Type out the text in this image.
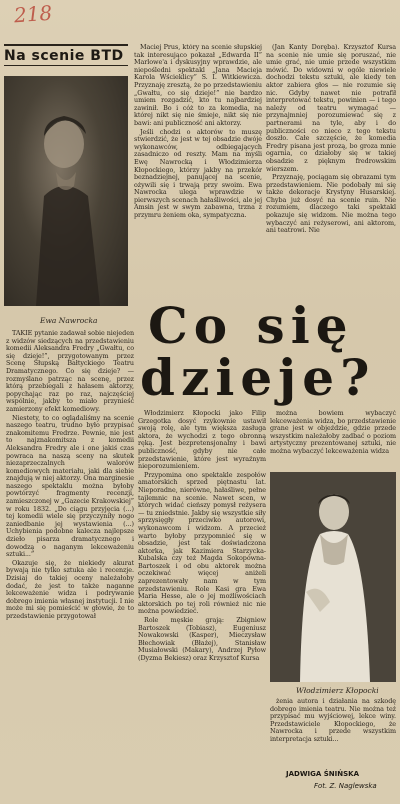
218
Na scenie BTD
Ewa Nawrocka

Maciej Prus, który na scenie słupskiej tak interesująco pokazał „Edwarda II” Marlowe'a i dyskusyjny wprawdzie, ale niepośledni spektakl „Jana Macieja Karola Wścieklicy” S. I. Witkiewicza. Przyznaję zresztą, że po przedstawieniu „Gwałtu, co się dzieje!” nie bardzo umiem rozgadzić, kto tu najbardziej zawinił. Bo i cóż to za komedia, na której nikt się nie śmieje, nikt się nie bawi: ani publiczność ani aktorzy.

Jeśli chodzi o aktorów to muszę stwierdzić, że jest w tej obsadzie dwóje wykonawców, odbiegających zasadniczo od reszty. Mam na myśli Ewę Nawrocką i Włodzimierza Kłopockiego, którzy jakby na przekór beznadziejnej, panującej na scenie, ożywili się i trwają przy swoim. Ewa Nawrocka ulega wprawdzie w pierwszych scenach hałaśliwości, ale jej Amsin jest w swym zabawna, trzna z przymru żeniem oka, sympatyczna.

(Jan Kanty Doręba). Krzysztof Kursa na scenie nie umie się poruszać, nie umie grać, nie umie przede wszystkim mówić. Do widowni w ogóle niewiele dochodzi tekstu sztuki, ale kiedy ten aktor zabiera głos — nie rozumie się nic. Gdyby nawet nie potrafił interpretować tekstu, powinien — i tego należy od teatru wymagać — przynajmniej porozumiewać się z partnerami na tyle, aby i do publiczności co nieco z tego tekstu doszło. Całe szczęście, że komedia Fredry pisana jest prozą, bo groza mnie ogarnia, co działoby się w takiej obsadzie z pięknym fredrowskim wierszem.

Przyznaję, pociągam się obrazami tym przedstawieniem. Nie podobały mi się także dekoracje Krystyny Husarskiej. Chyba już dosyć na scenie ruin. Nie rozumiem, dlaczego taki spektakl pokazuje się widzom. Nie można tego wybaczyć ani reżyserowi, ani aktorom, ani teatrowi. Nie

Co się
dzieje?

TAKIE pytanie zadawał sobie niejeden z widzów siedzących na przedstawieniu komedii Aleksandra Fredry „Gwałtu, co się dzieje!”, przygotowanym przez Scenę Słupską Bałtyckiego Teatru Dramatycznego. Co się dzieje? — rozmyślano patrząc na scenę, przez którą przebiegali z hałasem aktorzy, popychając raz po raz, najczęściej wspólnie, jakby to miało przynieść zamierzony efekt komediowy.

Niestety, to co oglądaliśmy na scenie naszego teatru, trudno było przypisać znakomitemu Fredrze. Pewnie, nie jest to najznakomitsza z komedii Aleksandra Fredry ale i one jakiś czas powraca na naszą sceny na skutek niezaprzeczalnych walorów komediowych materiału, jaki dla siebie znajdują w niej aktorzy. Ona marginesie naszego spektaklu można byłoby powtórzyć fragmenty recenzji, zamieszczonej w „Gazecie Krakowskiej” w roku 1832. „Do ciągu przyjęcia (...) tej komedii wiele się przyczyniły nogo zaniedbanie jej wystawienia (...) Uchybienia podobne kalecza najlepsze dzieło pisarza dramatycznego i dowodzą o naganym lekceważeniu sztuki...”

Okazuje się, że niekiedy akurat bywają nie tylko sztuka ale i recenzje. Dzisiaj do takiej oceny należałoby dodać, że jest to także naganne lekceważenie widza i podrywanie dobrego imienia własnej instytucji. I nie może mi się pomieścić w głowie, że to przedstawienie przygotował

Włodzimierz Kłopocki jako Filip Grzegotka dosyć rzykownie ustawił swoją rolę, ale tym większa zasługa aktora, że wychodzi z tego obronną ręką. Jest bezpretensjonalny i bawi publiczność, gdyby nie całe przedstawienie, które jest wyraźnym nieporozumieniem.

Przypomina ono spektakle zespołów amatorskich sprzed piętnastu lat. Nieporadne, nierówne, hałaśliwe, pełne tajlemnic na scenie. Nawet scen, w których widać cieńszy pomysł reżysera — tu zniedstnie. Jakby się wszystkie siły sprzysięgły przeciwko autorowi, wykonawcom i widzom. A przecież warto byłoby przypomnieć się w obsadzie, jest tak doświadczona aktorka, jak Kazimiera Starzycka-Kubalska czy też Magda Sokopówna-Bartoszek i od obu aktorek można oczekiwać więcej aniżeli zaprezentowały nam w tym przedstawieniu. Role Kasi gra Ewa Maria Hesse, ale o jej możliwościach aktorskich po tej roli również nic nie można powiedzieć.

Role męskie grają: Zbigniew Bartoszek (Tobiasz), Eugeniusz Nowakowski (Kasper), Mieczysław Błechowiak (Błażej), Stanisław Musiałowski (Makary), Andrzej Pyłow (Dyzma Bekiesz) oraz Krzysztof Kursa

można bowiem wybaczyć lekceważenia widza, bo przedstawienie grane jest w objeździe, gdzie przede wszystkim należałoby zadbać o poziom artystyczny prezentowanej sztuki, nie można wybaczyć lekceważenia widza

Włodzimierz Kłopocki

żenia autora i działania na szkodę dobrego imienia teatru. Nie można też przypisać mu wyjściowej, lekce winy. Przedstawiciele Kłopockiego, że Nawrocka i przede wszystkim interpretacja sztuki...

JADWIGA ŚNIŃSKA
Fot. Z. Naglewska
